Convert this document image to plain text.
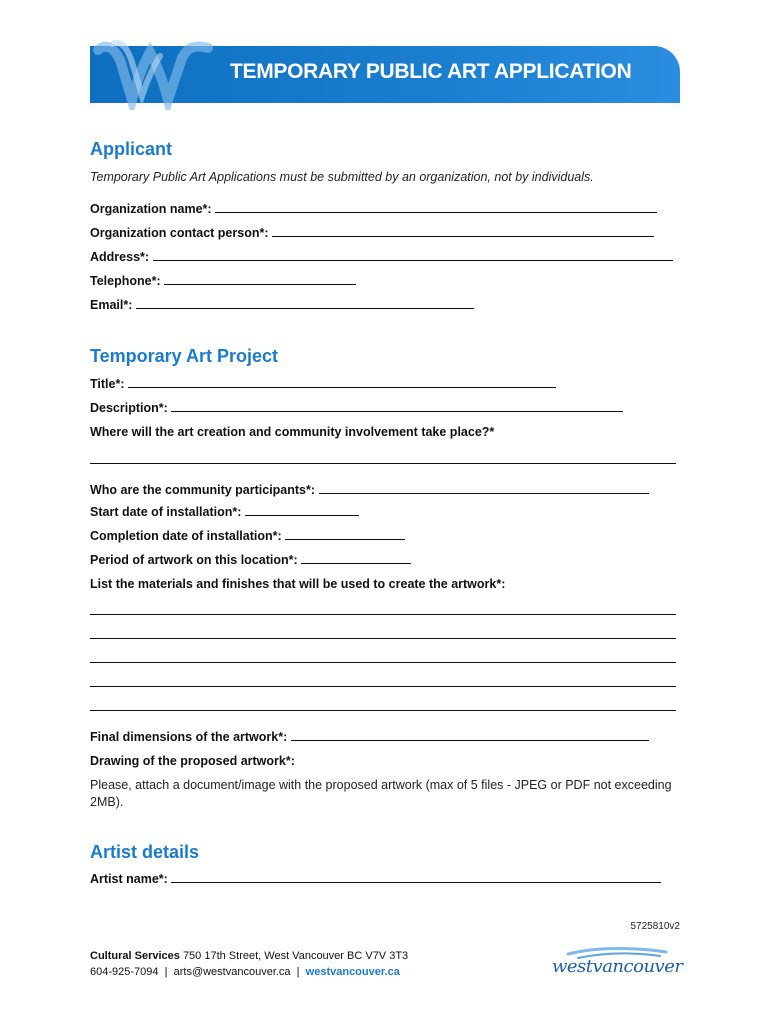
TEMPORARY PUBLIC ART APPLICATION
Applicant
Temporary Public Art Applications must be submitted by an organization, not by individuals.
Organization name*:
Organization contact person*:
Address*:
Telephone*:
Email*:
Temporary Art Project
Title*:
Description*:
Where will the art creation and community involvement take place?*
Who are the community participants*:
Start date of installation*:
Completion date of installation*:
Period of artwork on this location*:
List the materials and finishes that will be used to create the artwork*:
Final dimensions of the artwork*:
Drawing of the proposed artwork*:
Please, attach a document/image with the proposed artwork (max of 5 files - JPEG or PDF not exceeding 2MB).
Artist details
Artist name*:
5725810v2
Cultural Services 750 17th Street, West Vancouver BC V7V 3T3
604-925-7094  |  arts@westvancouver.ca  |  westvancouver.ca	westvancouver
